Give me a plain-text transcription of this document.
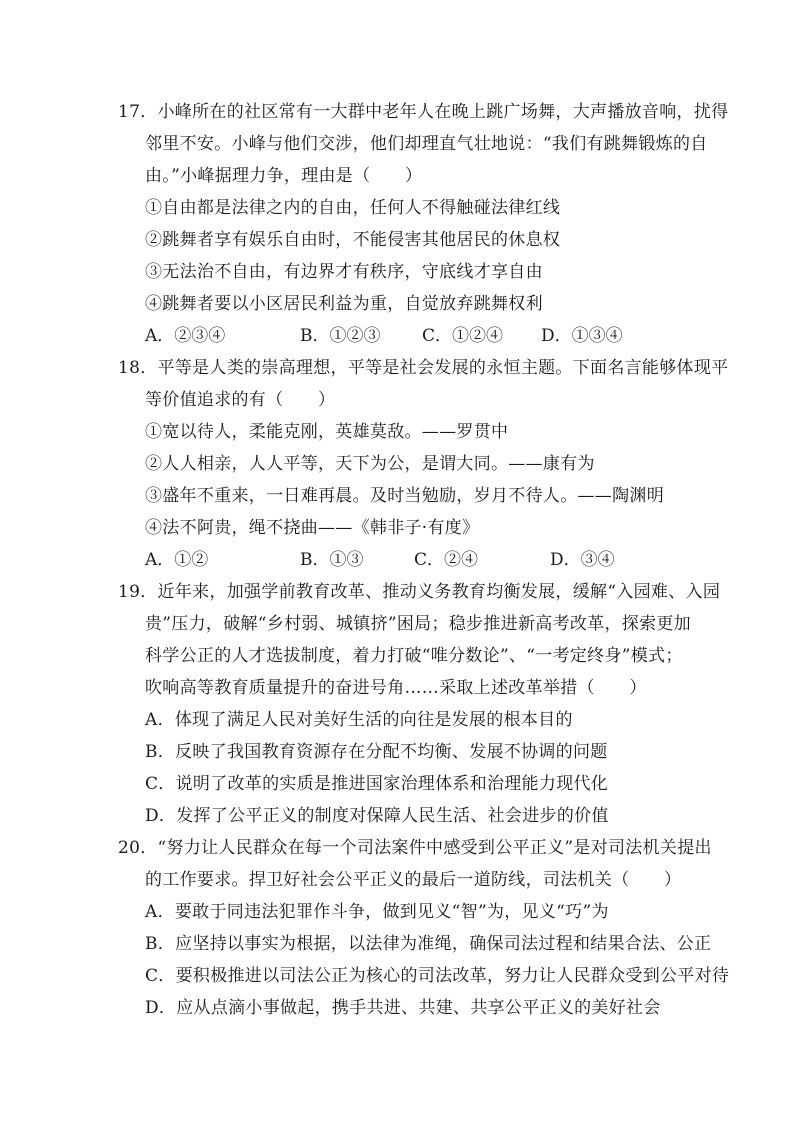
17．小峰所在的社区常有一大群中老年人在晚上跳广场舞，大声播放音响，扰得
邻里不安。小峰与他们交涉，他们却理直气壮地说：“我们有跳舞锻炼的自
由。”小峰据理力争，理由是（　　）
①自由都是法律之内的自由，任何人不得触碰法律红线
②跳舞者享有娱乐自由时，不能侵害其他居民的休息权
③无法治不自由，有边界才有秩序，守底线才享自由
④跳舞者要以小区居民利益为重，自觉放弃跳舞权利
A．②③④	B．①②③ C．①②④ D．①③④
18．平等是人类的崇高理想，平等是社会发展的永恒主题。下面名言能够体现平
等价值追求的有（　　）
①宽以待人，柔能克刚，英雄莫敌。——罗贯中
②人人相亲，人人平等，天下为公，是谓大同。——康有为
③盛年不重来，一日难再晨。及时当勉励，岁月不待人。——陶渊明
④法不阿贵，绳不挠曲——《韩非子·有度》
A．①②	B．①③	C．②④	D．③④
19．近年来，加强学前教育改革、推动义务教育均衡发展，缓解“入园难、入园
贵”压力，破解“乡村弱、城镇挤”困局；稳步推进新高考改革，探索更加
科学公正的人才选拔制度，着力打破“唯分数论”、“一考定终身”模式；
吹响高等教育质量提升的奋进号角……采取上述改革举措（　　）
A．体现了满足人民对美好生活的向往是发展的根本目的
B．反映了我国教育资源存在分配不均衡、发展不协调的问题
C．说明了改革的实质是推进国家治理体系和治理能力现代化
D．发挥了公平正义的制度对保障人民生活、社会进步的价值
20．“努力让人民群众在每一个司法案件中感受到公平正义”是对司法机关提出
的工作要求。捍卫好社会公平正义的最后一道防线，司法机关（　　）
A．要敢于同违法犯罪作斗争，做到见义“智”为，见义“巧”为
B．应坚持以事实为根据，以法律为准绳，确保司法过程和结果合法、公正
C．要积极推进以司法公正为核心的司法改革，努力让人民群众受到公平对待
D．应从点滴小事做起，携手共进、共建、共享公平正义的美好社会
